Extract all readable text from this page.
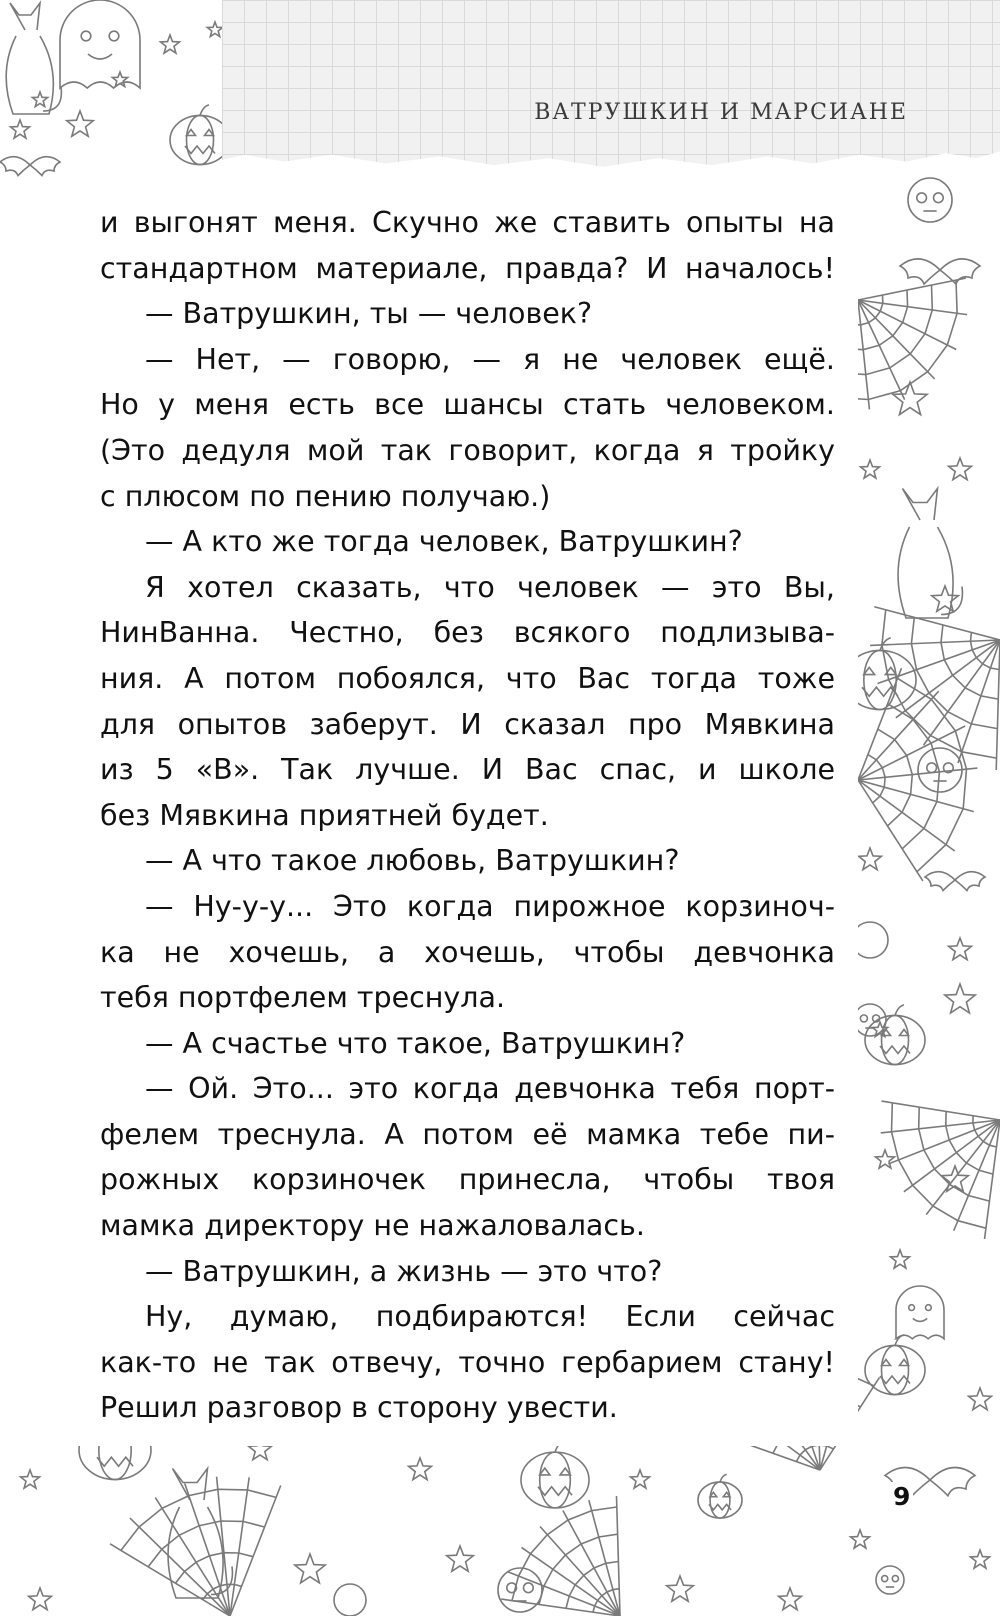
ВАТРУШКИН И МАРСИАНЕ
и выгонят меня. Скучно же ставить опыты на
стандартном материале, правда? И началось!
— Ватрушкин, ты — человек?
— Нет, — говорю, — я не человек ещё.
Но у меня есть все шансы стать человеком.
(Это дедуля мой так говорит, когда я тройку
с плюсом по пению получаю.)
— А кто же тогда человек, Ватрушкин?
Я хотел сказать, что человек — это Вы,
НинВанна. Честно, без всякого подлизыва-
ния. А потом побоялся, что Вас тогда тоже
для опытов заберут. И сказал про Мявкина
из 5 «В». Так лучше. И Вас спас, и школе
без Мявкина приятней будет.
— А что такое любовь, Ватрушкин?
— Ну-у-у... Это когда пирожное корзиноч-
ка не хочешь, а хочешь, чтобы девчонка
тебя портфелем треснула.
— А счастье что такое, Ватрушкин?
— Ой. Это... это когда девчонка тебя порт-
фелем треснула. А потом её мамка тебе пи-
рожных корзиночек принесла, чтобы твоя
мамка директору не нажаловалась.
— Ватрушкин, а жизнь — это что?
Ну, думаю, подбираются! Если сейчас
как-то не так отвечу, точно гербарием стану!
Решил разговор в сторону увести.
9
